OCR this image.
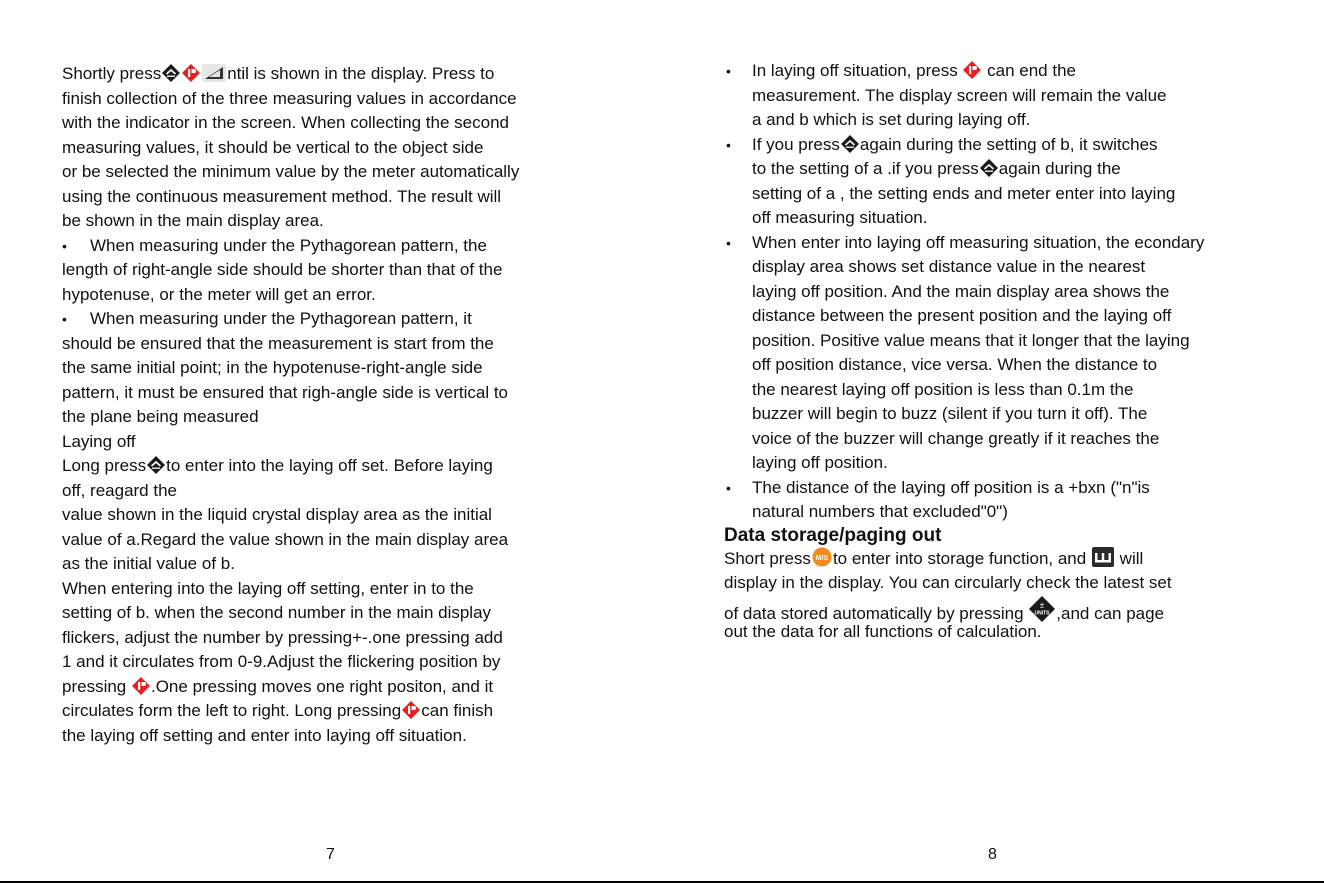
Shortly press	ntil is shown in the display. Press to
finish collection of the three measuring values in accordance
with the indicator in the screen. When collecting the second
measuring values, it should be vertical to the object side
or be selected the minimum value by the meter automatically
using the continuous measurement method. The result will
be shown in the main display area.
• When measuring under the Pythagorean pattern, the
length of right-angle side should be shorter than that of the
hypotenuse, or the meter will get an error.
• When measuring under the Pythagorean pattern, it
should be ensured that the measurement is start from the
the same initial point; in the hypotenuse-right-angle side
pattern, it must be ensured that righ-angle side is vertical to
the plane being measured
Laying off
Long press to enter into the laying off set. Before laying
off, reagard the
value shown in the liquid crystal display area as the initial
value of a.Regard the value shown in the main display area
as the initial value of b.
When entering into the laying off setting, enter in to the
setting of b. when the second number in the main display
flickers, adjust the number by pressing+-.one pressing add
1 and it circulates from 0-9.Adjust the flickering position by
pressing
.One pressing moves one right positon, and it
circulates form the left to right. Long pressing can finish
the laying off setting and enter into laying off situation.
7
• In laying off situation, press
can end the
measurement. The display screen will remain the value
a and b which is set during laying off.
• If you press again during the setting of b, it switches
to the setting of a .if you press again during the
setting of a , the setting ends and meter enter into laying
off measuring situation.
• When enter into laying off measuring situation, the econdary
display area shows set distance value in the nearest
laying off position. And the main display area shows the
distance between the present position and the laying off
position. Positive value means that it longer that the laying
off position distance, vice versa. When the distance to
the nearest laying off position is less than 0.1m the
buzzer will begin to buzz (silent if you turn it off). The
voice of the buzzer will change greatly if it reaches the
laying off position.
• The distance of the laying off position is a +bxn ("n"is
natural numbers that excluded"0")
Short press M/S to enter into storage function, and
will
display in the display. You can circularly check the latest set
of data stored automatically by pressing ±
UNITS ,and can page
out the data for all functions of calculation.
Data storage/paging out
8
